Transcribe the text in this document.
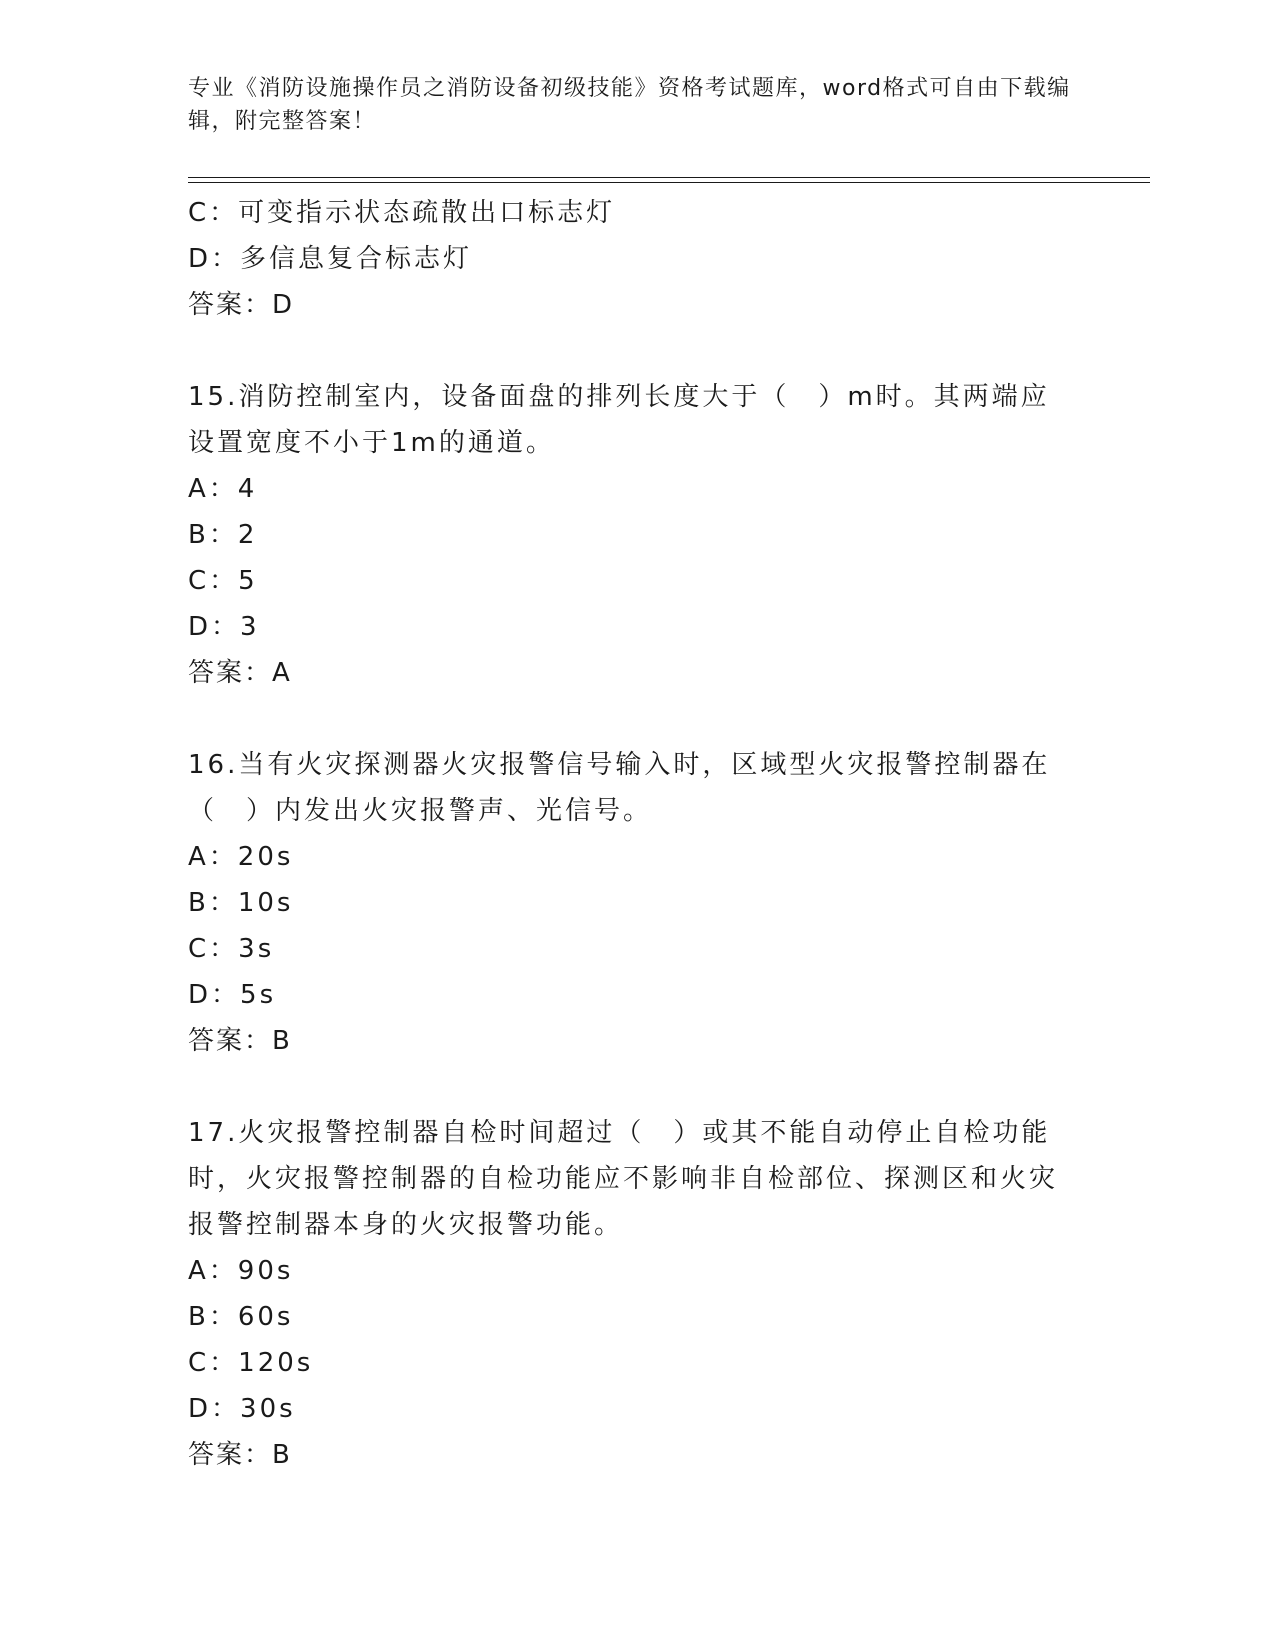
专业《消防设施操作员之消防设备初级技能》资格考试题库，word格式可自由下载编辑，附完整答案！
C：可变指示状态疏散出口标志灯
D：多信息复合标志灯
答案：D
15.消防控制室内，设备面盘的排列长度大于（　）m时。其两端应设置宽度不小于1m的通道。
A：4
B：2
C：5
D：3
答案：A
16.当有火灾探测器火灾报警信号输入时，区域型火灾报警控制器在（　）内发出火灾报警声、光信号。
A：20s
B：10s
C：3s
D：5s
答案：B
17.火灾报警控制器自检时间超过（　）或其不能自动停止自检功能时，火灾报警控制器的自检功能应不影响非自检部位、探测区和火灾报警控制器本身的火灾报警功能。
A：90s
B：60s
C：120s
D：30s
答案：B
